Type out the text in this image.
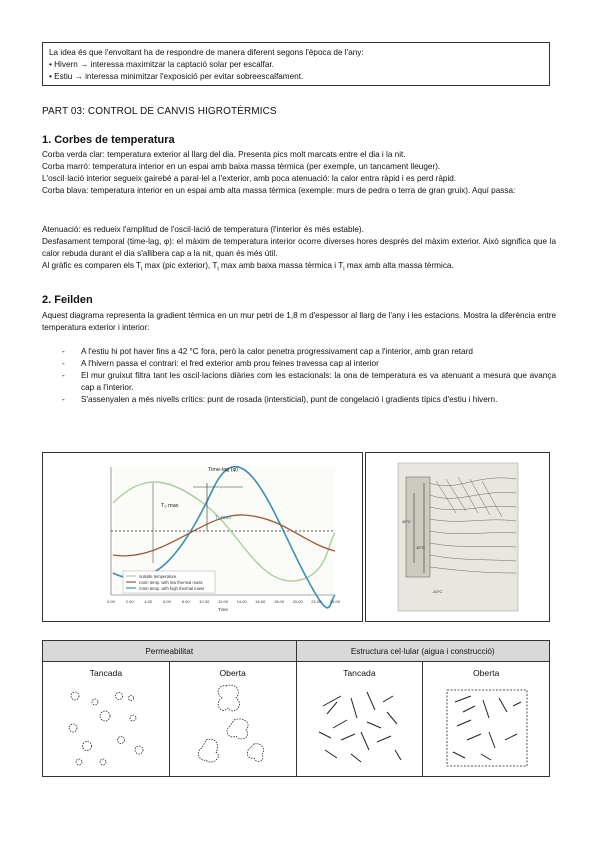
La idea és que l'envoltant ha de respondre de manera diferent segons l'època de l'any:
• Hivern → interessa maximitzar la captació solar per escalfar.
• Estiu → interessa minimitzar l'exposició per evitar sobreescalfament.
PART 03: CONTROL DE CANVIS HIGROTÈRMICS
1. Corbes de temperatura

Corba verda clar: temperatura exterior al llarg del dia. Presenta pics molt marcats entre el dia i la nit.

Corba marró: temperatura interior en un espai amb baixa massa tèrmica (per exemple, un tancament lleuger).

L'oscil·lació interior segueix gairebé a paral·lel a l'exterior, amb poca atenuació: la calor entra ràpid i es perd ràpid.

Corba blava: temperatura interior en un espai amb alta massa tèrmica (exemple: murs de pedra o terra de gran gruix). Aquí passa:

Atenuació: es redueix l'amplitud de l'oscil·lació de temperatura (l'interior és més estable).

Desfasament temporal (time-lag, φ): el màxim de temperatura interior ocorre diverses hores després del màxim exterior. Això significa que la calor rebuda durant el dia s'allibera cap a la nit, quan és més útil.

Al gràfic es comparen els $T_i$ max (pic exterior), $T_i$ max amb baixa massa tèrmica i $T_i$ max amb alta massa tèrmica.

2. Feilden

Aquest diagrama representa la gradient tèrmica en un mur petri de 1,8 m d'espessor al llarg de l'any i les estacions. Mostra la diferència entre temperatura exterior i interior:

- A l'estiu hi pot haver fins a 42 °C fora, però la calor penetra progressivament cap a l'interior, amb gran retard
- A l'hivern passa el contrari: el fred exterior amb prou feines travessa cap al interior
- El mur gruixut filtra tant les oscil·lacions diàries com les estacionals: la ona de temperatura es va atenuant a mesura que avança cap a l'interior.
- S'assenyalen a més nivells crítics: punt de rosada (intersticial), punt de congelació i gradients típics d'estiu i hivern.
Time-lag (φ)
T₀ max
Tᵢ max
outside temperature
room temp. with low thermal mass
room temp. with high thermal mass
0.00	2.00	4.00	6.00	8.00 10.00 12.00 14.00 16.00 18.00 20.00 22.00 24.00
Time
40°C
10°C
-10°C
Permeabilitat		Estructura cel·lular (aigua i construcció)	

Tancada	Oberta	Tancada	Oberta
